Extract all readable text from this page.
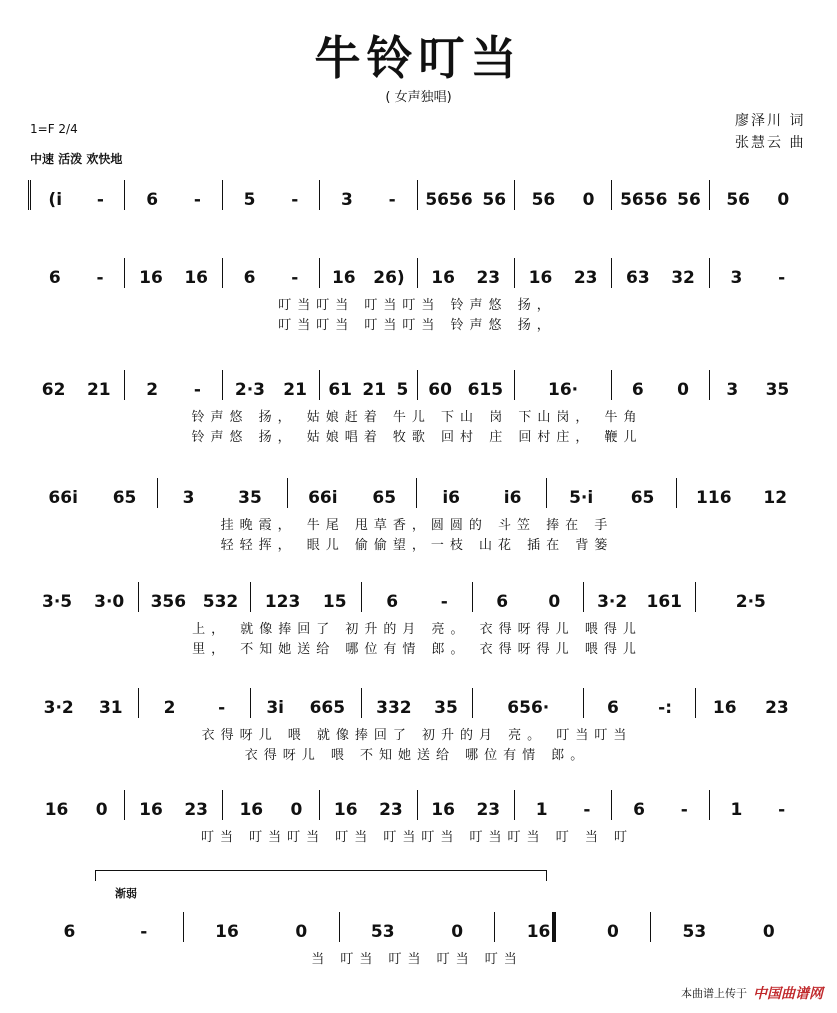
牛铃叮当
( 女声独唱)
廖泽川 词
张慧云 曲
1=F 2/4
中速 活泼 欢快地
(i - 6 -	5 -	3 - 5656 56 56 0 5656 56 56 0
6 - 16 16 6 - 16 26) 16 23 16 23 63 32 3 -
叮当叮当 叮当叮当 铃声悠 扬，
叮当叮当 叮当叮当 铃声悠 扬，
62 21 2 - 2·3 21 61 21 5 60 615	16·	6 0 3 35
铃声悠 扬， 姑娘赶着 牛儿 下山 岗 下山岗， 牛角
铃声悠 扬， 姑娘唱着 牧歌 回村 庄 回村庄， 鞭儿
66i 65	3	35	66i 65	i6	i6	5·i 65 116 12
挂晚霞， 牛尾 甩草香，圆圆的 斗笠 捧在 手
轻轻挥， 眼儿 偷偷望，一枝 山花 插在 背篓
3·5 3·0 356 532 123 15 6	-	6 0 3·2 161	2·5
上， 就像捧回了 初升的月 亮。 衣得呀得儿 喂得儿
里， 不知她送给 哪位有情 郎。 衣得呀得儿 喂得儿
3·2 31 2	- 3i 665 332 35	656·	6 -: 16 23
衣得呀儿 喂 就像捧回了 初升的月 亮。 叮当叮当
衣得呀儿 喂 不知她送给 哪位有情 郎。
16 0 16 23 16 0 16 23 16 23 1 -	6 -	1 -
叮当 叮当叮当 叮当 叮当叮当 叮当叮当 叮 当 叮
6	-	16	0	53	0	16	0	53	0
当 叮当 叮当 叮当 叮当
渐弱
本曲谱上传于 中国曲谱网
